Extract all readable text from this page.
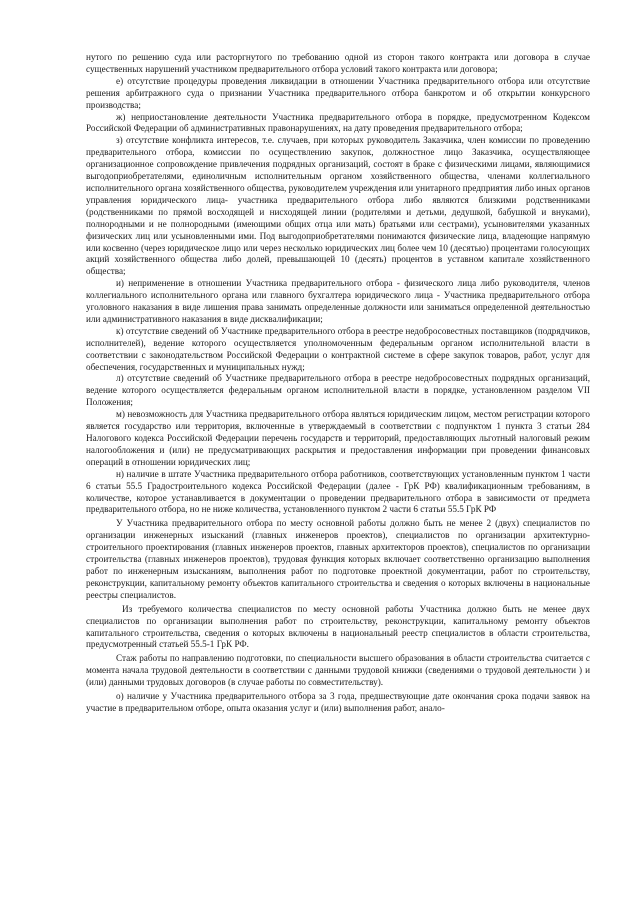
нутого по решению суда или расторгнутого по требованию одной из сторон такого контракта или договора в случае существенных нарушений участником предварительного отбора условий такого контракта или договора;

е) отсутствие процедуры проведения ликвидации в отношении Участника предварительного отбора или отсутствие решения арбитражного суда о признании Участника предварительного отбора банкротом и об открытии конкурсного производства;

ж) неприостановление деятельности Участника предварительного отбора в порядке, предусмотренном Кодексом Российской Федерации об административных правонарушениях, на дату проведения предварительного отбора;

з) отсутствие конфликта интересов, т.е. случаев, при которых руководитель Заказчика, член комиссии по проведению предварительного отбора, комиссии по осуществлению закупок, должностное лицо Заказчика, осуществляющее организационное сопровождение привлечения подрядных организаций, состоят в браке с физическими лицами, являющимися выгодоприобретателями, единоличным исполнительным органом хозяйственного общества, членами коллегиального исполнительного органа хозяйственного общества, руководителем учреждения или унитарного предприятия либо иных органов управления юридического лица- участника предварительного отбора либо являются близкими родственниками (родственниками по прямой восходящей и нисходящей линии (родителями и детьми, дедушкой, бабушкой и внуками), полнородными и не полнородными (имеющими общих отца или мать) братьями или сестрами), усыновителями указанных физических лиц или усыновленными ими. Под выгодоприобретателями понимаются физические лица, владеющие напрямую или косвенно (через юридическое лицо или через несколько юридических лиц более чем 10 (десятью) процентами голосующих акций хозяйственного общества либо долей, превышающей 10 (десять) процентов в уставном капитале хозяйственного общества;

и) неприменение в отношении Участника предварительного отбора - физического лица либо руководителя, членов коллегиального исполнительного органа или главного бухгалтера юридического лица - Участника предварительного отбора уголовного наказания в виде лишения права занимать определенные должности или заниматься определенной деятельностью или административного наказания в виде дисквалификации;

к) отсутствие сведений об Участнике предварительного отбора в реестре недобросовестных поставщиков (подрядчиков, исполнителей), ведение которого осуществляется уполномоченным федеральным органом исполнительной власти в соответствии с законодательством Российской Федерации о контрактной системе в сфере закупок товаров, работ, услуг для обеспечения, государственных и муниципальных нужд;

л) отсутствие сведений об Участнике предварительного отбора в реестре недобросовестных подрядных организаций, ведение которого осуществляется федеральным органом исполнительной власти в порядке, установленном разделом VII Положения;

м) невозможность для Участника предварительного отбора являться юридическим лицом, местом регистрации которого является государство или территория, включенные в утверждаемый в соответствии с подпунктом 1 пункта 3 статьи 284 Налогового кодекса Российской Федерации перечень государств и территорий, предоставляющих льготный налоговый режим налогообложения и (или) не предусматривающих раскрытия и предоставления информации при проведении финансовых операций в отношении юридических лиц;

н) наличие в штате Участника предварительного отбора работников, соответствующих установленным пунктом 1 части 6 статьи 55.5 Градостроительного кодекса Российской Федерации (далее - ГрК РФ) квалификационным требованиям, в количестве, которое устанавливается в документации о проведении предварительного отбора в зависимости от предмета предварительного отбора, но не ниже количества, установленного пунктом 2 части 6 статьи 55.5 ГрК РФ

У Участника предварительного отбора по месту основной работы должно быть не менее 2 (двух) специалистов по организации инженерных изысканий (главных инженеров проектов), специалистов по организации архитектурно-строительного проектирования (главных инженеров проектов, главных архитекторов проектов), специалистов по организации строительства (главных инженеров проектов), трудовая функция которых включает соответственно организацию выполнения работ по инженерным изысканиям, выполнения работ по подготовке проектной документации, работ по строительству, реконструкции, капитальному ремонту объектов капитального строительства и сведения о которых включены в национальные реестры специалистов.

Из требуемого количества специалистов по месту основной работы Участника должно быть не менее двух специалистов по организации выполнения работ по строительству, реконструкции, капитальному ремонту объектов капитального строительства, сведения о которых включены в национальный реестр специалистов в области строительства, предусмотренный статьей 55.5-1 ГрК РФ.

Стаж работы по направлению подготовки, по специальности высшего образования в области строительства считается с момента начала трудовой деятельности в соответствии с данными трудовой книжки (сведениями о трудовой деятельности ) и (или) данными трудовых договоров (в случае работы по совместительству).

о) наличие у Участника предварительного отбора за 3 года, предшествующие дате окончания срока подачи заявок на участие в предварительном отборе, опыта оказания услуг и (или) выполнения работ, анало-
